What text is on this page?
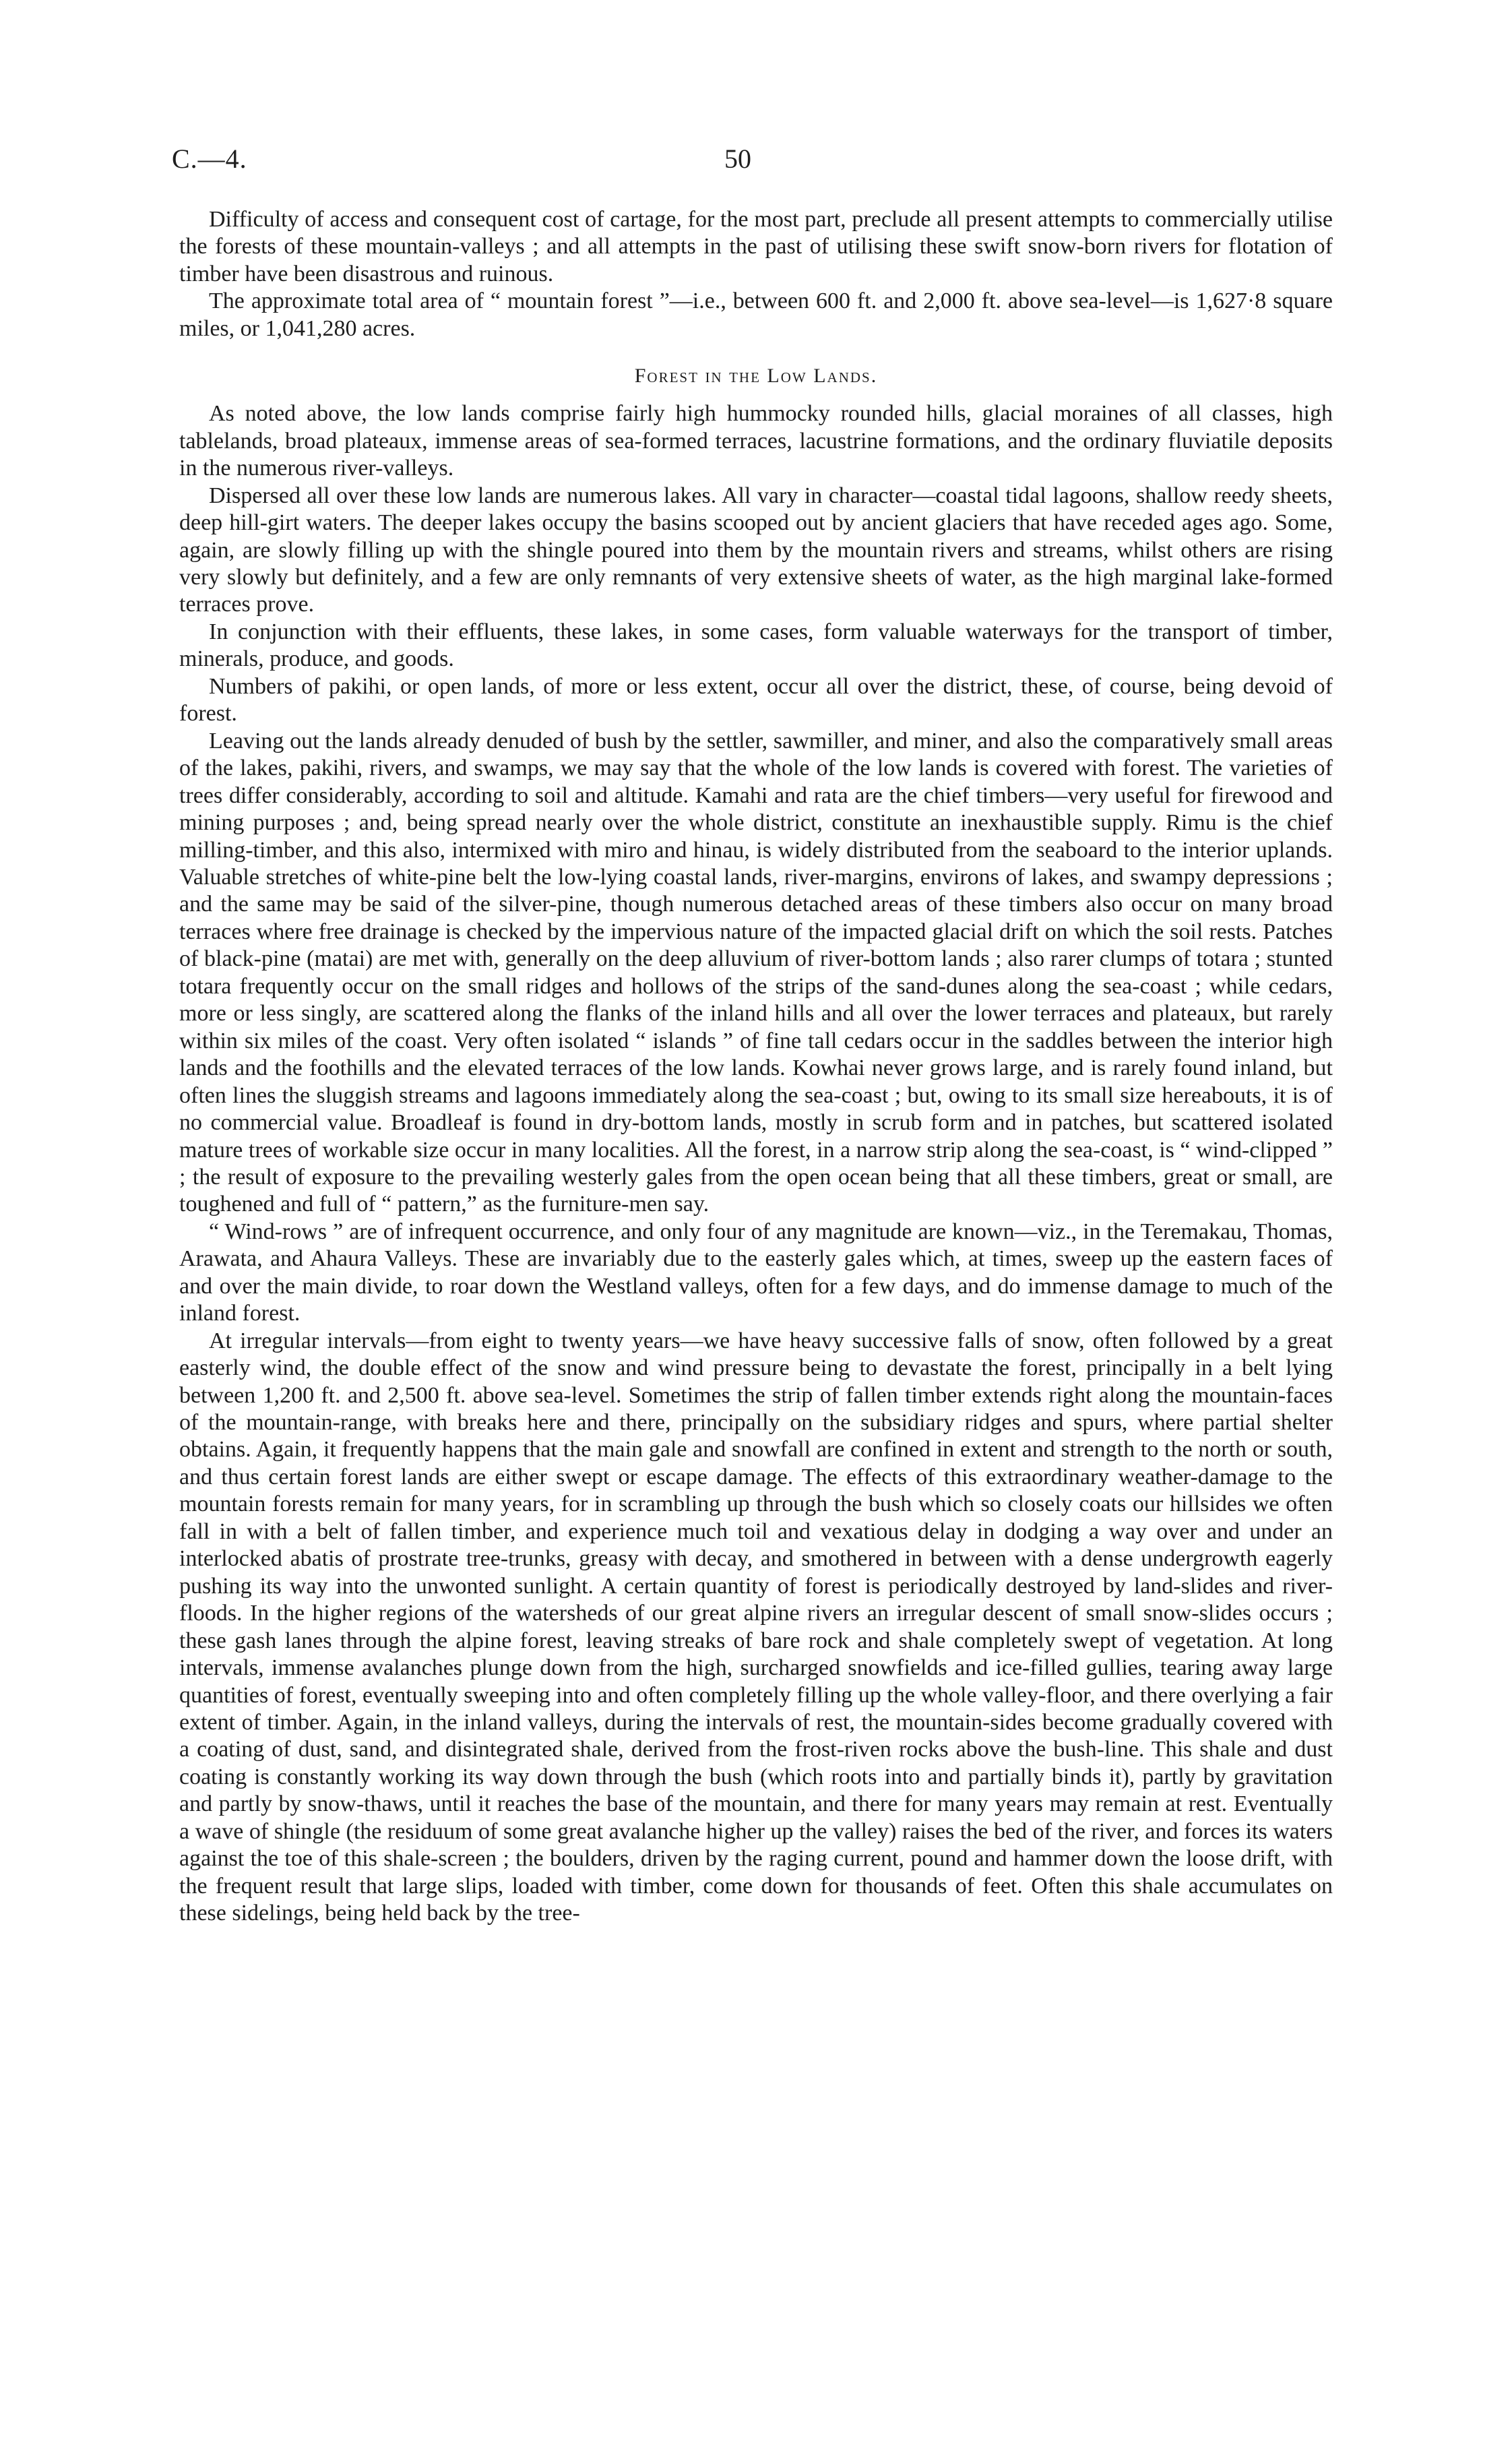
C.—4.	50

Difficulty of access and consequent cost of cartage, for the most part, preclude all present attempts to commercially utilise the forests of these mountain-valleys ; and all attempts in the past of utilising these swift snow-born rivers for flotation of timber have been disastrous and ruinous.

The approximate total area of “ mountain forest ”—i.e., between 600 ft. and 2,000 ft. above sea-level—is 1,627·8 square miles, or 1,041,280 acres.

Forest in the Low Lands.

As noted above, the low lands comprise fairly high hummocky rounded hills, glacial moraines of all classes, high tablelands, broad plateaux, immense areas of sea-formed terraces, lacustrine formations, and the ordinary fluviatile deposits in the numerous river-valleys.

Dispersed all over these low lands are numerous lakes. All vary in character—coastal tidal lagoons, shallow reedy sheets, deep hill-girt waters. The deeper lakes occupy the basins scooped out by ancient glaciers that have receded ages ago. Some, again, are slowly filling up with the shingle poured into them by the mountain rivers and streams, whilst others are rising very slowly but definitely, and a few are only remnants of very extensive sheets of water, as the high marginal lake-formed terraces prove.

In conjunction with their effluents, these lakes, in some cases, form valuable waterways for the transport of timber, minerals, produce, and goods.

Numbers of pakihi, or open lands, of more or less extent, occur all over the district, these, of course, being devoid of forest.

Leaving out the lands already denuded of bush by the settler, sawmiller, and miner, and also the comparatively small areas of the lakes, pakihi, rivers, and swamps, we may say that the whole of the low lands is covered with forest. The varieties of trees differ considerably, according to soil and altitude. Kamahi and rata are the chief timbers—very useful for firewood and mining purposes ; and, being spread nearly over the whole district, constitute an inexhaustible supply. Rimu is the chief milling-timber, and this also, intermixed with miro and hinau, is widely distributed from the seaboard to the interior uplands. Valuable stretches of white-pine belt the low-lying coastal lands, river-margins, environs of lakes, and swampy depressions ; and the same may be said of the silver-pine, though numerous detached areas of these timbers also occur on many broad terraces where free drainage is checked by the impervious nature of the impacted glacial drift on which the soil rests. Patches of black-pine (matai) are met with, generally on the deep alluvium of river-bottom lands ; also rarer clumps of totara ; stunted totara frequently occur on the small ridges and hollows of the strips of the sand-dunes along the sea-coast ; while cedars, more or less singly, are scattered along the flanks of the inland hills and all over the lower terraces and plateaux, but rarely within six miles of the coast. Very often isolated “ islands ” of fine tall cedars occur in the saddles between the interior high lands and the foothills and the elevated terraces of the low lands. Kowhai never grows large, and is rarely found inland, but often lines the sluggish streams and lagoons immediately along the sea-coast ; but, owing to its small size hereabouts, it is of no commercial value. Broadleaf is found in dry-bottom lands, mostly in scrub form and in patches, but scattered isolated mature trees of workable size occur in many localities. All the forest, in a narrow strip along the sea-coast, is “ wind-clipped ” ; the result of exposure to the prevailing westerly gales from the open ocean being that all these timbers, great or small, are toughened and full of “ pattern,” as the furniture-men say.

“ Wind-rows ” are of infrequent occurrence, and only four of any magnitude are known—viz., in the Teremakau, Thomas, Arawata, and Ahaura Valleys. These are invariably due to the easterly gales which, at times, sweep up the eastern faces of and over the main divide, to roar down the Westland valleys, often for a few days, and do immense damage to much of the inland forest.

At irregular intervals—from eight to twenty years—we have heavy successive falls of snow, often followed by a great easterly wind, the double effect of the snow and wind pressure being to devastate the forest, principally in a belt lying between 1,200 ft. and 2,500 ft. above sea-level. Sometimes the strip of fallen timber extends right along the mountain-faces of the mountain-range, with breaks here and there, principally on the subsidiary ridges and spurs, where partial shelter obtains. Again, it frequently happens that the main gale and snowfall are confined in extent and strength to the north or south, and thus certain forest lands are either swept or escape damage. The effects of this extraordinary weather-damage to the mountain forests remain for many years, for in scrambling up through the bush which so closely coats our hillsides we often fall in with a belt of fallen timber, and experience much toil and vexatious delay in dodging a way over and under an interlocked abatis of prostrate tree-trunks, greasy with decay, and smothered in between with a dense undergrowth eagerly pushing its way into the unwonted sunlight. A certain quantity of forest is periodically destroyed by land-slides and river-floods. In the higher regions of the watersheds of our great alpine rivers an irregular descent of small snow-slides occurs ; these gash lanes through the alpine forest, leaving streaks of bare rock and shale completely swept of vegetation. At long intervals, immense avalanches plunge down from the high, surcharged snowfields and ice-filled gullies, tearing away large quantities of forest, eventually sweeping into and often completely filling up the whole valley-floor, and there overlying a fair extent of timber. Again, in the inland valleys, during the intervals of rest, the mountain-sides become gradually covered with a coating of dust, sand, and disintegrated shale, derived from the frost-riven rocks above the bush-line. This shale and dust coating is constantly working its way down through the bush (which roots into and partially binds it), partly by gravitation and partly by snow-thaws, until it reaches the base of the mountain, and there for many years may remain at rest. Eventually a wave of shingle (the residuum of some great avalanche higher up the valley) raises the bed of the river, and forces its waters against the toe of this shale-screen ; the boulders, driven by the raging current, pound and hammer down the loose drift, with the frequent result that large slips, loaded with timber, come down for thousands of feet. Often this shale accumulates on these sidelings, being held back by the tree-
